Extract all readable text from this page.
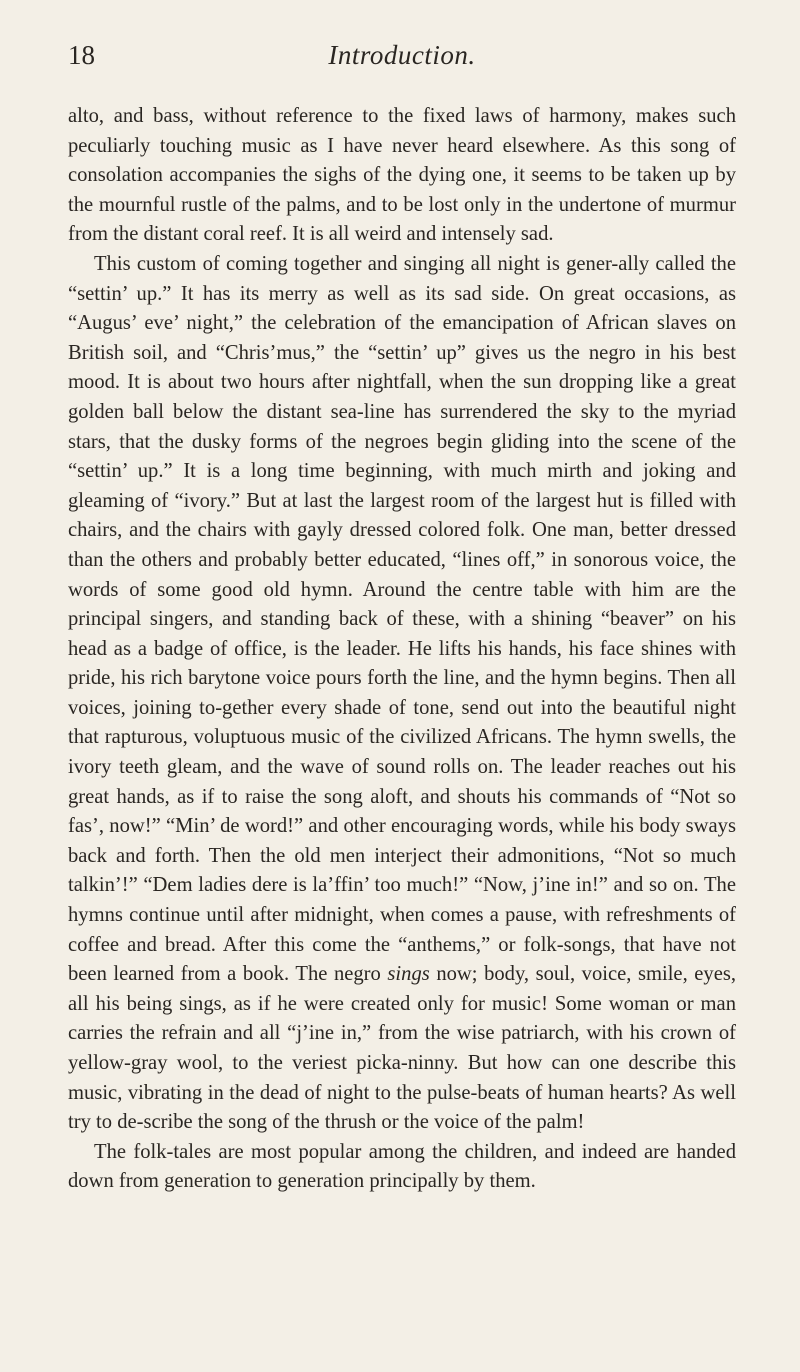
18	Introduction.

alto, and bass, without reference to the fixed laws of harmony, makes such peculiarly touching music as I have never heard elsewhere. As this song of consolation accompanies the sighs of the dying one, it seems to be taken up by the mournful rustle of the palms, and to be lost only in the undertone of murmur from the distant coral reef. It is all weird and intensely sad.

This custom of coming together and singing all night is gener-ally called the “settin’ up.” It has its merry as well as its sad side. On great occasions, as “Augus’ eve’ night,” the celebration of the emancipation of African slaves on British soil, and “Chris’mus,” the “settin’ up” gives us the negro in his best mood. It is about two hours after nightfall, when the sun dropping like a great golden ball below the distant sea-line has surrendered the sky to the myriad stars, that the dusky forms of the negroes begin gliding into the scene of the “settin’ up.” It is a long time beginning, with much mirth and joking and gleaming of “ivory.” But at last the largest room of the largest hut is filled with chairs, and the chairs with gayly dressed colored folk. One man, better dressed than the others and probably better educated, “lines off,” in sonorous voice, the words of some good old hymn. Around the centre table with him are the principal singers, and standing back of these, with a shining “beaver” on his head as a badge of office, is the leader. He lifts his hands, his face shines with pride, his rich barytone voice pours forth the line, and the hymn begins. Then all voices, joining to-gether every shade of tone, send out into the beautiful night that rapturous, voluptuous music of the civilized Africans. The hymn swells, the ivory teeth gleam, and the wave of sound rolls on. The leader reaches out his great hands, as if to raise the song aloft, and shouts his commands of “Not so fas’, now!” “Min’ de word!” and other encouraging words, while his body sways back and forth. Then the old men interject their admonitions, “Not so much talkin’!” “Dem ladies dere is la’ffin’ too much!” “Now, j’ine in!” and so on. The hymns continue until after midnight, when comes a pause, with refreshments of coffee and bread. After this come the “anthems,” or folk-songs, that have not been learned from a book. The negro sings now; body, soul, voice, smile, eyes, all his being sings, as if he were created only for music! Some woman or man carries the refrain and all “j’ine in,” from the wise patriarch, with his crown of yellow-gray wool, to the veriest picka-ninny. But how can one describe this music, vibrating in the dead of night to the pulse-beats of human hearts? As well try to de-scribe the song of the thrush or the voice of the palm!

The folk-tales are most popular among the children, and indeed are handed down from generation to generation principally by them.
